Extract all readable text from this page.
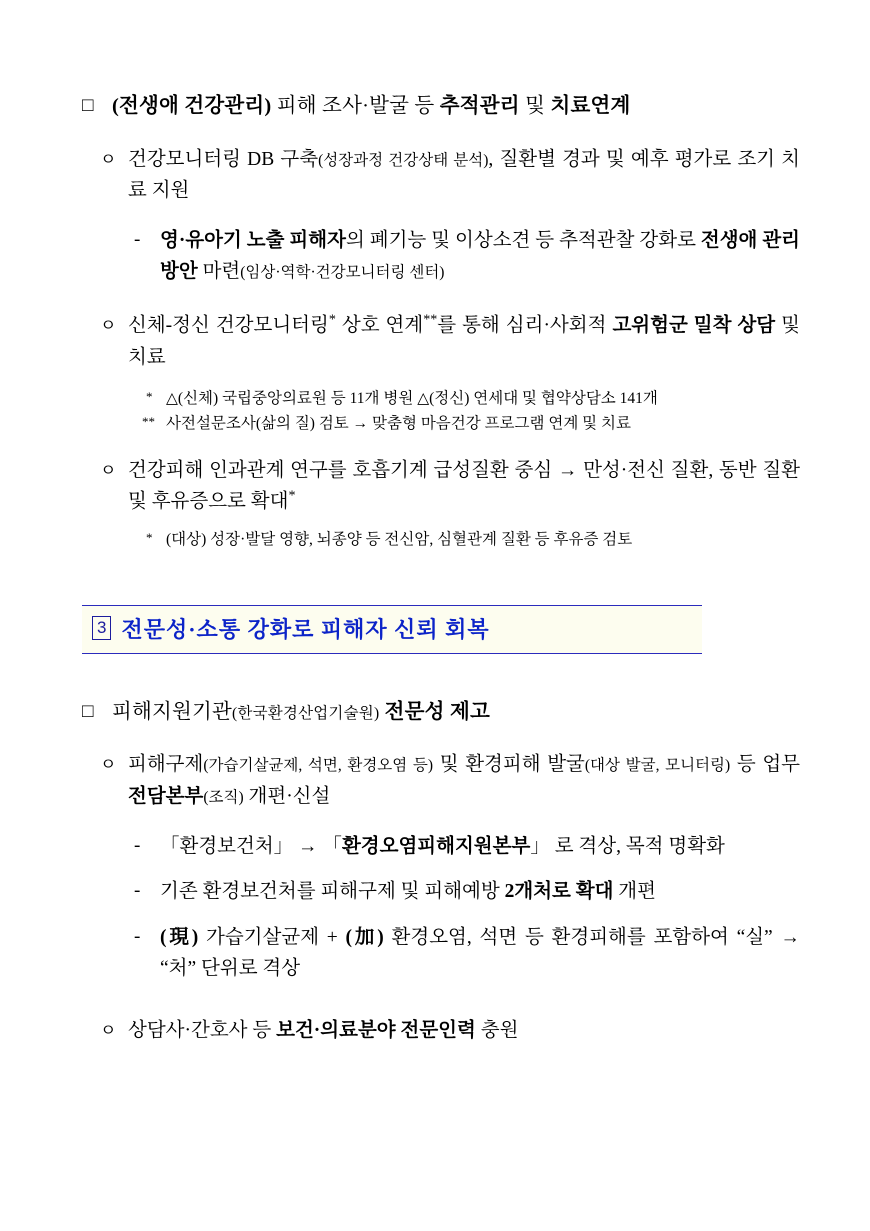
□ (전생애 건강관리) 피해 조사·발굴 등 추적관리 및 치료연계
ㅇ 건강모니터링 DB 구축(성장과정 건강상태 분석), 질환별 경과 및 예후 평가로 조기 치료 지원
-	영·유아기 노출 피해자의 폐기능 및 이상소견 등 추적관찰 강화로 전생애 관리방안 마련(임상·역학·건강모니터링 센터)
ㅇ 신체-정신 건강모니터링* 상호 연계**를 통해 심리·사회적 고위험군 밀착 상담 및 치료
* △(신체) 국립중앙의료원 등 11개 병원 △(정신) 연세대 및 협약상담소 141개
** 사전설문조사(삶의 질) 검토 → 맞춤형 마음건강 프로그램 연계 및 치료
ㅇ 건강피해 인과관계 연구를 호흡기계 급성질환 중심 → 만성·전신 질환, 동반 질환 및 후유증으로 확대*
* (대상) 성장·발달 영향, 뇌종양 등 전신암, 심혈관계 질환 등 후유증 검토
3 전문성·소통 강화로 피해자 신뢰 회복
□ 피해지원기관(한국환경산업기술원) 전문성 제고
ㅇ 피해구제(가습기살균제, 석면, 환경오염 등) 및 환경피해 발굴(대상 발굴, 모니터링) 등 업무 전담본부(조직) 개편·신설
-	「환경보건처」 → 「환경오염피해지원본부」 로 격상, 목적 명확화
-	기존 환경보건처를 피해구제 및 피해예방 2개처로 확대 개편
-	(現) 가습기살균제 + (加) 환경오염, 석면 등 환경피해를 포함하여 “실” → “처” 단위로 격상
ㅇ 상담사·간호사 등 보건·의료분야 전문인력 충원
